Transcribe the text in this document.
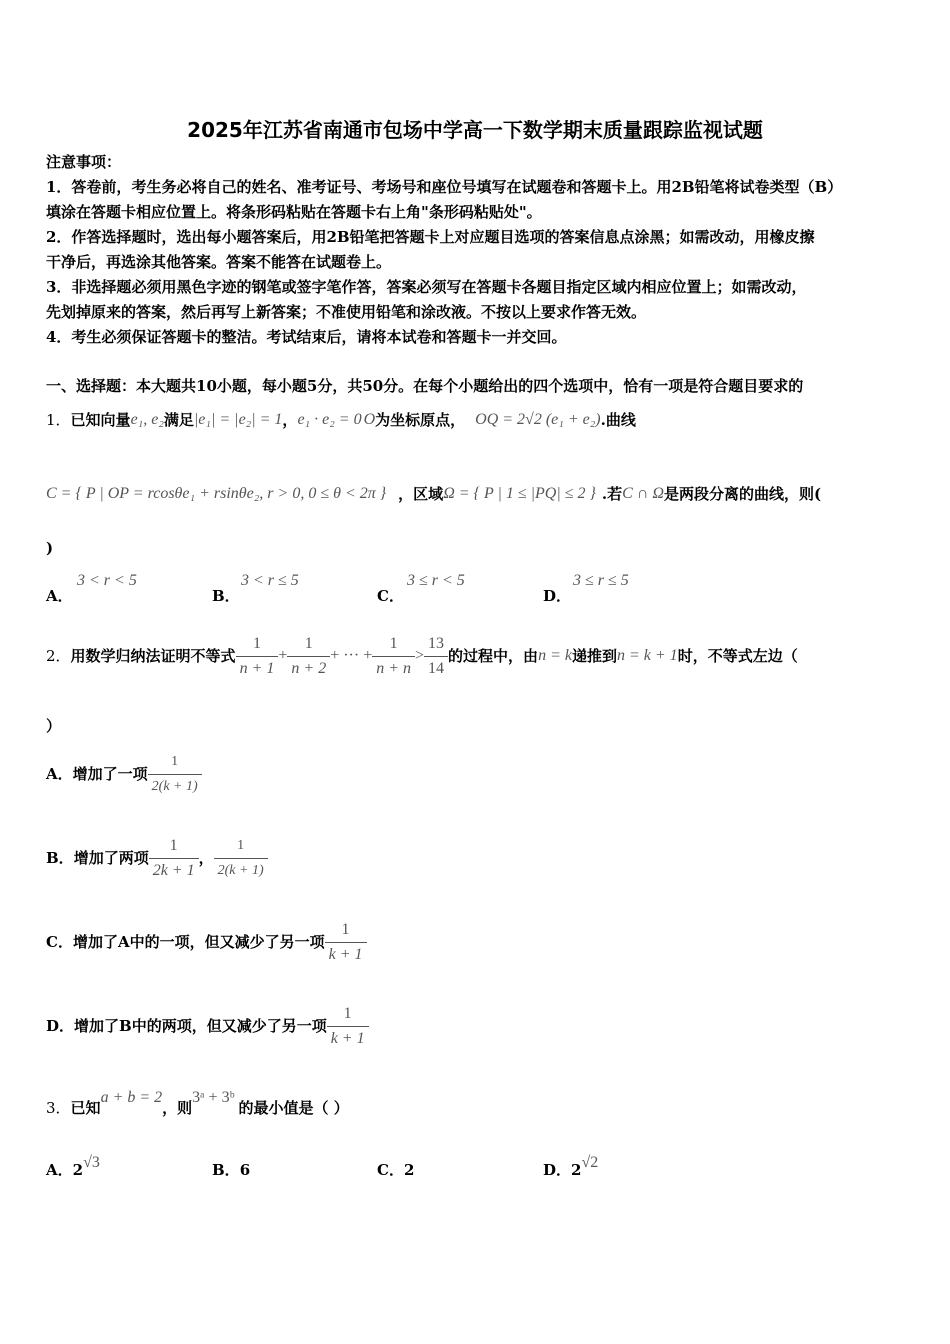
2025年江苏省南通市包场中学高一下数学期末质量跟踪监视试题
注意事项：
1．答卷前，考生务必将自己的姓名、准考证号、考场号和座位号填写在试题卷和答题卡上。用2B铅笔将试卷类型（B）
填涂在答题卡相应位置上。将条形码粘贴在答题卡右上角"条形码粘贴处"。
2．作答选择题时，选出每小题答案后，用2B铅笔把答题卡上对应题目选项的答案信息点涂黑；如需改动，用橡皮擦
干净后，再选涂其他答案。答案不能答在试题卷上。
3．非选择题必须用黑色字迹的钢笔或签字笔作答，答案必须写在答题卡各题目指定区域内相应位置上；如需改动，
先划掉原来的答案，然后再写上新答案；不准使用铅笔和涂改液。不按以上要求作答无效。
4．考生必须保证答题卡的整洁。考试结束后，请将本试卷和答题卡一并交回。
一、选择题：本大题共10小题，每小题5分，共50分。在每个小题给出的四个选项中，恰有一项是符合题目要求的
1． 已知向量 e₁, e₂ 满足 |e₁| = |e₂| = 1 ， e₁ · e₂ = 0 O 为坐标原点， OQ = 2√2 (e₁ + e₂) .曲线
C = { P | OP = rcosθe₁ + rsinθe₂, r > 0, 0 ≤ θ < 2π } ，区域 Ω = { P | 1 ≤ |PQ| ≤ 2 } .若 C ∩ Ω 是两段分离的曲线，则(
)
A．
3 < r < 5
B．
3 < r ≤ 5
C．
3 ≤ r < 5
D．
3 ≤ r ≤ 5
2． 用数学归纳法证明不等式 $\frac{1}{n + 1} + \frac{1}{n + 2}$ + ··· + $\frac{1}{n + n} > \frac{13}{14}$ 的过程中，由 n = k 递推到 n = k + 1 时，不等式左边（
）
A． 增加了一项 $\frac{1}{2(k + 1)}$
B． 增加了两项 $\frac{1}{2k + 1}$ ， $\frac{1}{2(k + 1)}$
C． 增加了A中的一项，但又减少了另一项 $\frac{1}{k + 1}$
D． 增加了B中的两项，但又减少了另一项 $\frac{1}{k + 1}$
3． 已知
a + b = 2
，则
3ᵃ + 3ᵇ
的最小值是（ ）
A．2√3	B．6	C．2	D．2√2
